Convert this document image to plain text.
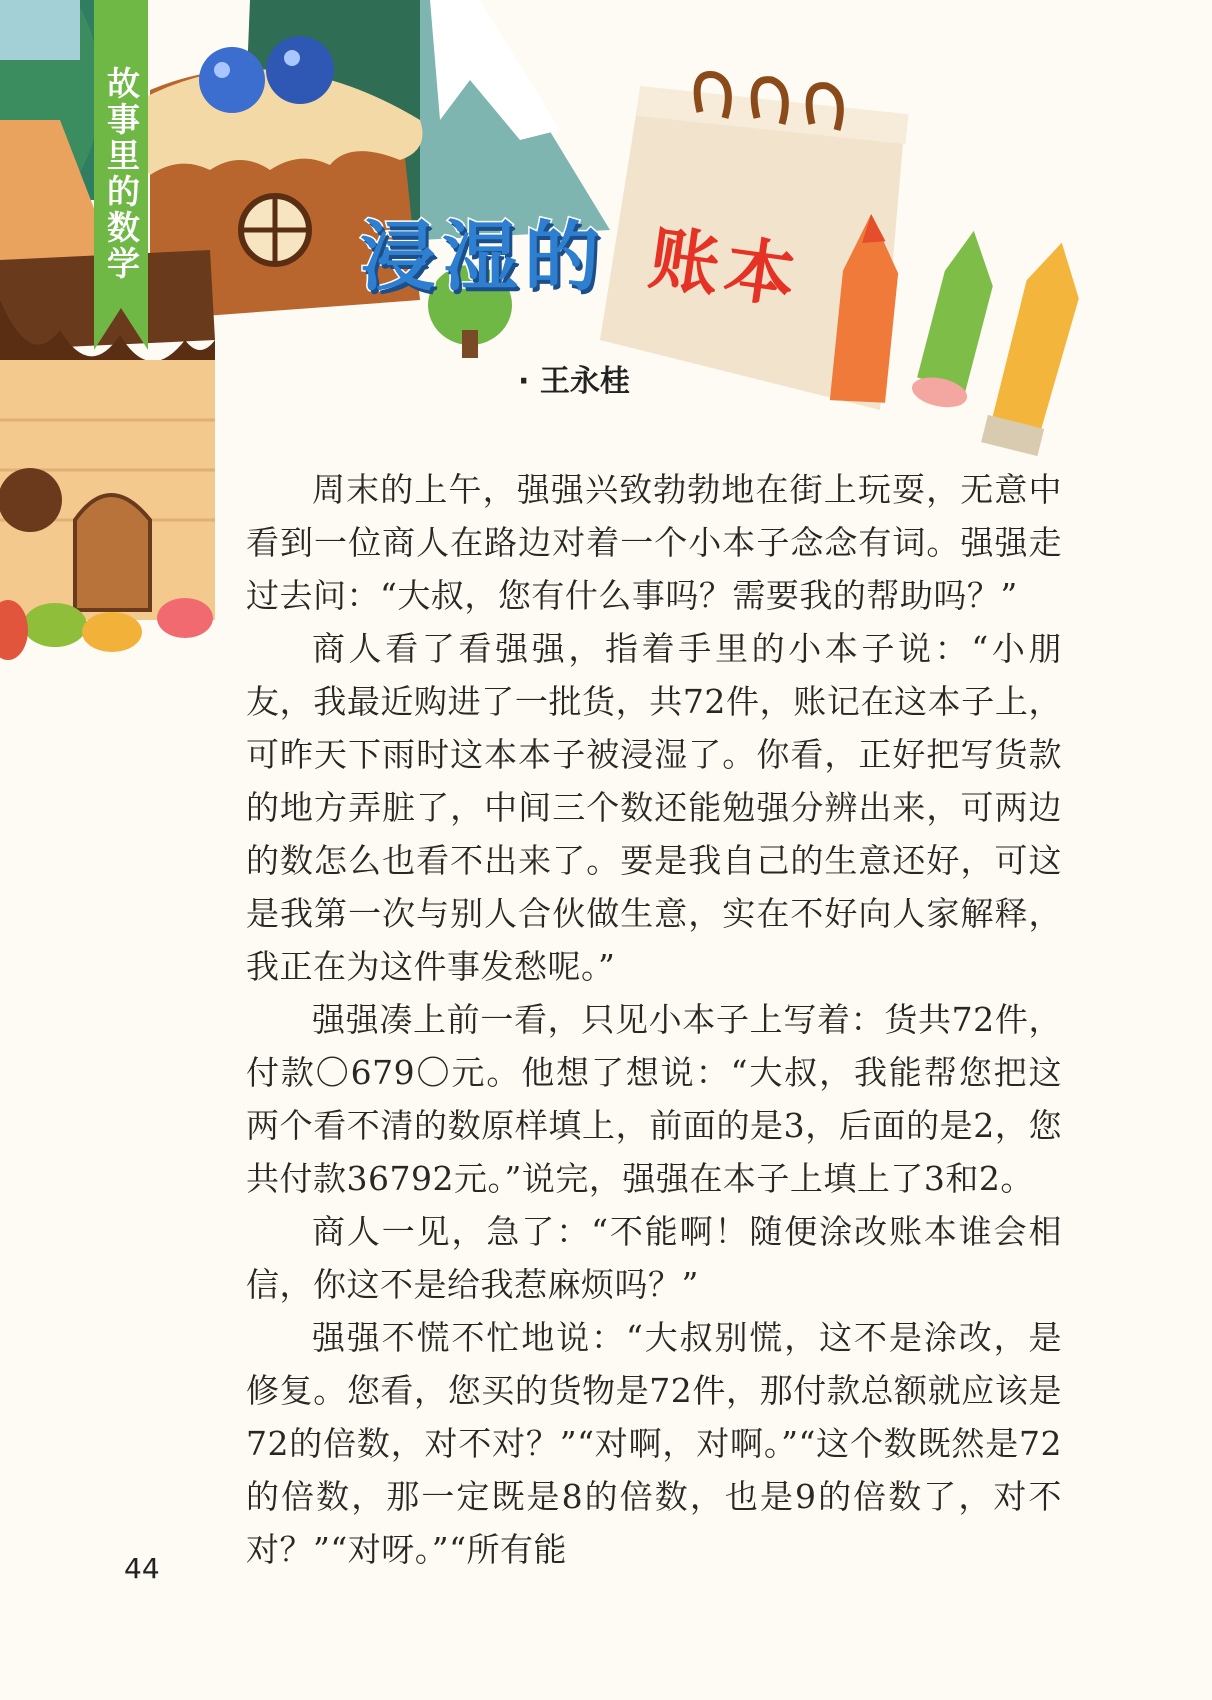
故事里的数学	浸湿的 账本
· 王永桂

周末的上午，强强兴致勃勃地在街上玩耍，无意中看到一位商人在路边对着一个小本子念念有词。强强走过去问：“大叔，您有什么事吗？需要我的帮助吗？”

商人看了看强强，指着手里的小本子说：“小朋友，我最近购进了一批货，共72件，账记在这本子上，可昨天下雨时这本本子被浸湿了。你看，正好把写货款的地方弄脏了，中间三个数还能勉强分辨出来，可两边的数怎么也看不出来了。要是我自己的生意还好，可这是我第一次与别人合伙做生意，实在不好向人家解释，我正在为这件事发愁呢。”

强强凑上前一看，只见小本子上写着：货共72件，付款〇679〇元。他想了想说：“大叔，我能帮您把这两个看不清的数原样填上，前面的是3，后面的是2，您共付款36792元。”说完，强强在本子上填上了3和2。

商人一见，急了：“不能啊！随便涂改账本谁会相信，你这不是给我惹麻烦吗？”

强强不慌不忙地说：“大叔别慌，这不是涂改，是修复。您看，您买的货物是72件，那付款总额就应该是72的倍数，对不对？”“对啊，对啊。”“这个数既然是72的倍数，那一定既是8的倍数，也是9的倍数了，对不对？”“对呀。”“所有能

44
